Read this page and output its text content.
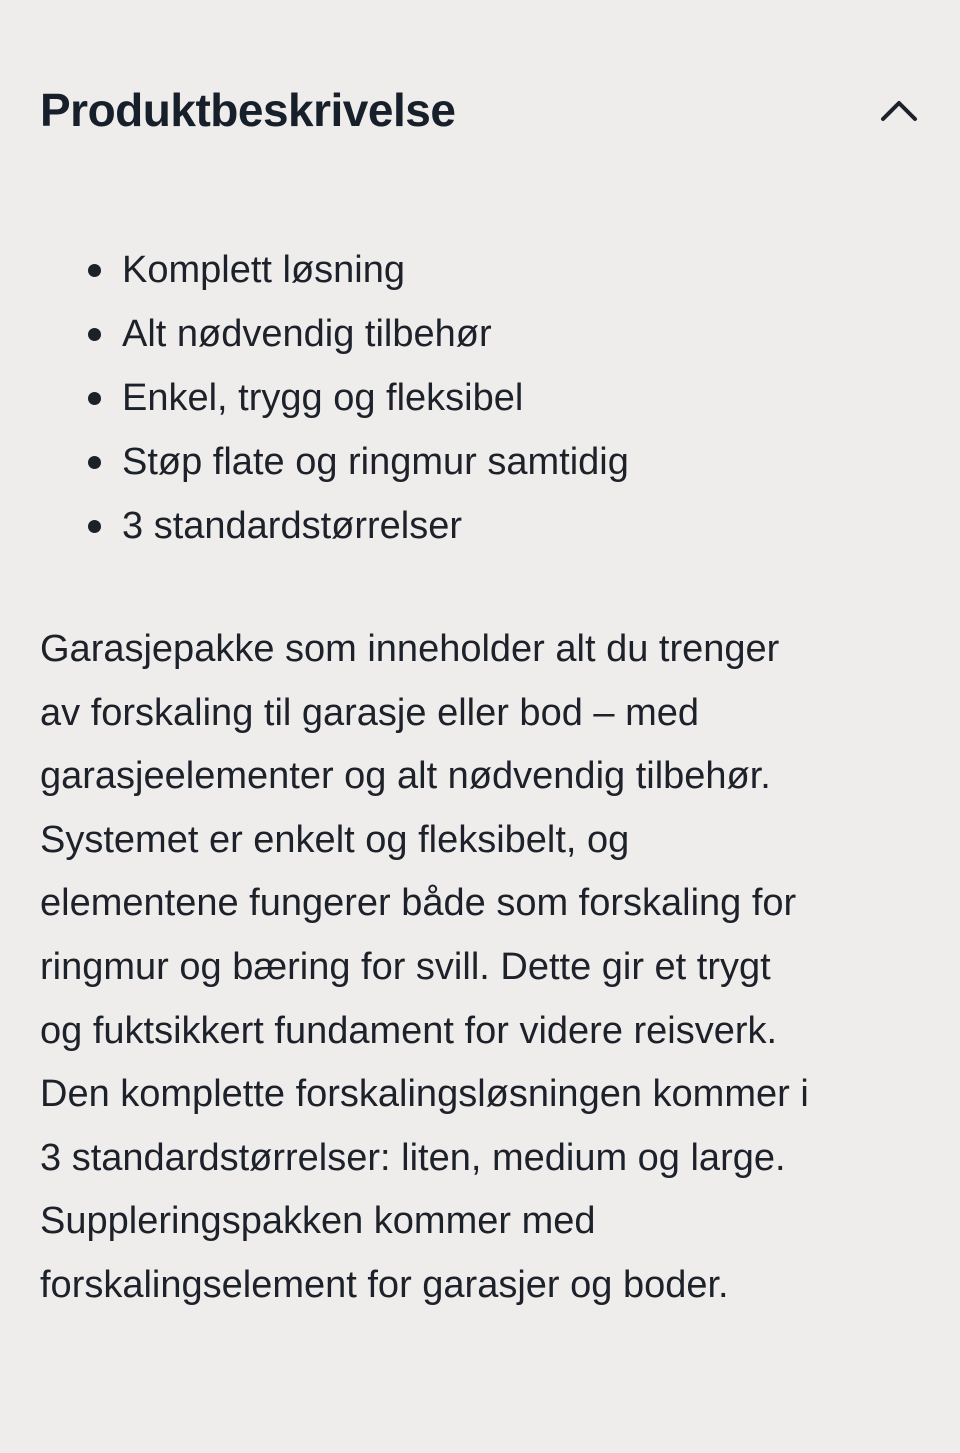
Produktbeskrivelse
Komplett løsning
Alt nødvendig tilbehør
Enkel, trygg og fleksibel
Støp flate og ringmur samtidig
3 standardstørrelser

Garasjepakke som inneholder alt du trenger
av forskaling til garasje eller bod – med
garasjeelementer og alt nødvendig tilbehør.
Systemet er enkelt og fleksibelt, og
elementene fungerer både som forskaling for
ringmur og bæring for svill. Dette gir et trygt
og fuktsikkert fundament for videre reisverk.
Den komplette forskalingsløsningen kommer i
3 standardstørrelser: liten, medium og large.
Suppleringspakken kommer med
forskalingselement for garasjer og boder.
